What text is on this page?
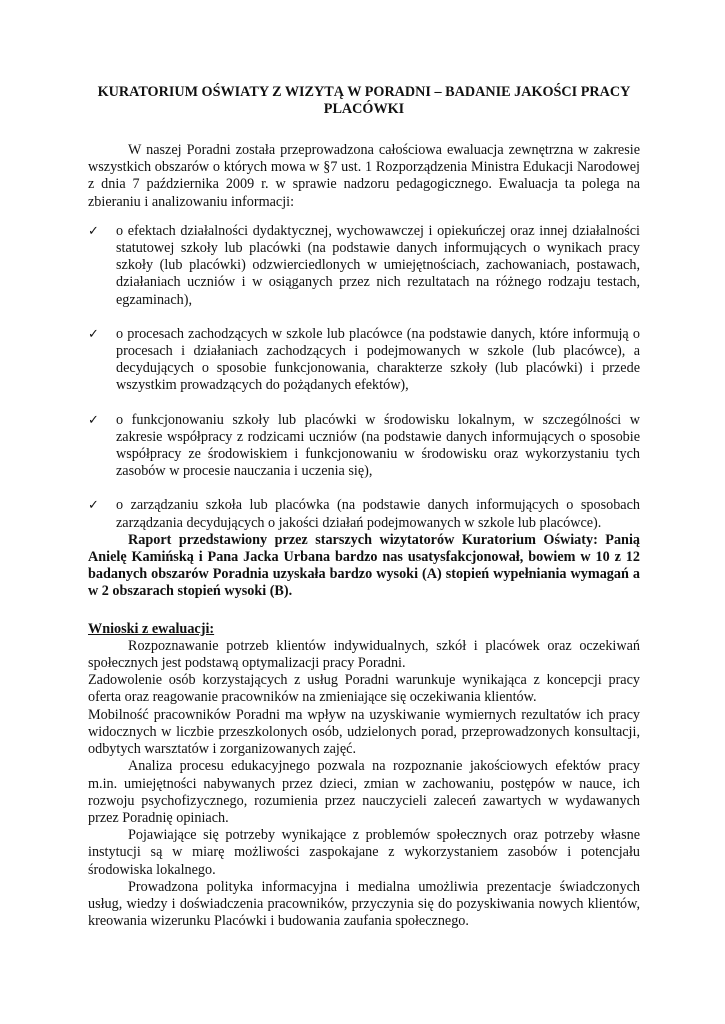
KURATORIUM OŚWIATY Z WIZYTĄ W PORADNI – BADANIE JAKOŚCI PRACY PLACÓWKI

W naszej Poradni została przeprowadzona całościowa ewaluacja zewnętrzna w zakresie wszystkich obszarów o których mowa w §7 ust. 1 Rozporządzenia Ministra Edukacji Narodowej z dnia 7 października 2009 r. w sprawie nadzoru pedagogicznego. Ewaluacja ta polega na zbieraniu i analizowaniu informacji:

✓ o efektach działalności dydaktycznej, wychowawczej i opiekuńczej oraz innej działalności statutowej szkoły lub placówki (na podstawie danych informujących o wynikach pracy szkoły (lub placówki) odzwierciedlonych w umiejętnościach, zachowaniach, postawach, działaniach uczniów i w osiąganych przez nich rezultatach na różnego rodzaju testach, egzaminach),
✓ o procesach zachodzących w szkole lub placówce (na podstawie danych, które informują o procesach i działaniach zachodzących i podejmowanych w szkole (lub placówce), a decydujących o sposobie funkcjonowania, charakterze szkoły (lub placówki) i przede wszystkim prowadzących do pożądanych efektów),
✓ o funkcjonowaniu szkoły lub placówki w środowisku lokalnym, w szczególności w zakresie współpracy z rodzicami uczniów (na podstawie danych informujących o sposobie współpracy ze środowiskiem i funkcjonowaniu w środowisku oraz wykorzystaniu tych zasobów w procesie nauczania i uczenia się),
✓ o zarządzaniu szkoła lub placówka (na podstawie danych informujących o sposobach zarządzania decydujących o jakości działań podejmowanych w szkole lub placówce).

Raport przedstawiony przez starszych wizytatorów Kuratorium Oświaty: Panią Anielę Kamińską i Pana Jacka Urbana bardzo nas usatysfakcjonował, bowiem w 10 z 12 badanych obszarów Poradnia uzyskała bardzo wysoki (A) stopień wypełniania wymagań a w 2 obszarach stopień wysoki (B).

Wnioski z ewaluacji:

Rozpoznawanie potrzeb klientów indywidualnych, szkół i placówek oraz oczekiwań społecznych jest podstawą optymalizacji pracy Poradni.

Zadowolenie osób korzystających z usług Poradni warunkuje wynikająca z koncepcji pracy oferta oraz reagowanie pracowników na zmieniające się oczekiwania klientów.

Mobilność pracowników Poradni ma wpływ na uzyskiwanie wymiernych rezultatów ich pracy widocznych w liczbie przeszkolonych osób, udzielonych porad, przeprowadzonych konsultacji, odbytych warsztatów i zorganizowanych zajęć.

Analiza procesu edukacyjnego pozwala na rozpoznanie jakościowych efektów pracy m.in. umiejętności nabywanych przez dzieci, zmian w zachowaniu, postępów w nauce, ich rozwoju psychofizycznego, rozumienia przez nauczycieli zaleceń zawartych w wydawanych przez Poradnię opiniach.

Pojawiające się potrzeby wynikające z problemów społecznych oraz potrzeby własne instytucji są w miarę możliwości zaspokajane z wykorzystaniem zasobów i potencjału środowiska lokalnego.

Prowadzona polityka informacyjna i medialna umożliwia prezentacje świadczonych usług, wiedzy i doświadczenia pracowników, przyczynia się do pozyskiwania nowych klientów, kreowania wizerunku Placówki i budowania zaufania społecznego.
